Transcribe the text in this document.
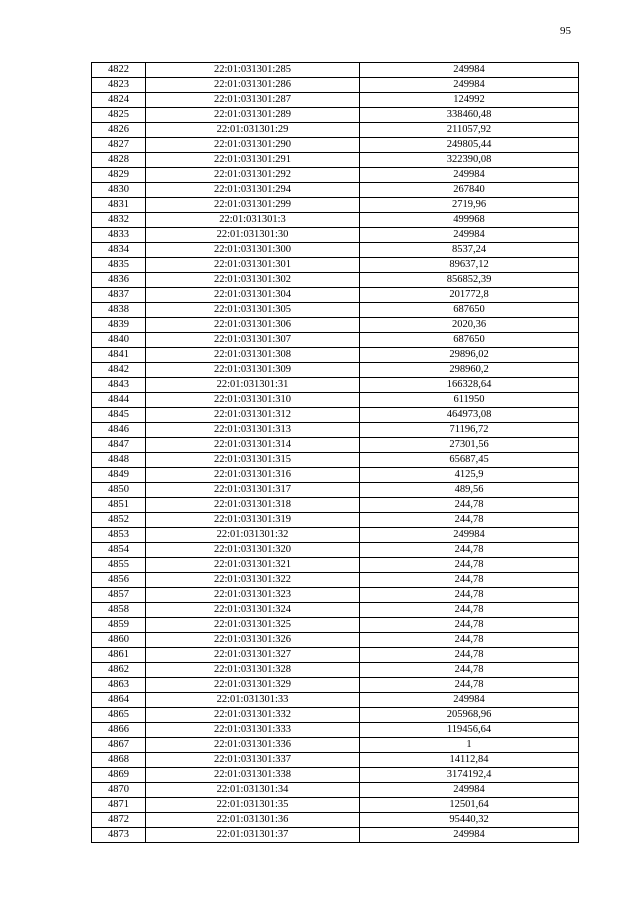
95
4822	22:01:031301:285	249984
4823	22:01:031301:286	249984
4824	22:01:031301:287	124992
4825	22:01:031301:289	338460,48
4826	22:01:031301:29	211057,92
4827	22:01:031301:290	249805,44
4828	22:01:031301:291	322390,08
4829	22:01:031301:292	249984
4830	22:01:031301:294	267840
4831	22:01:031301:299	2719,96
4832	22:01:031301:3	499968
4833	22:01:031301:30	249984
4834	22:01:031301:300	8537,24
4835	22:01:031301:301	89637,12
4836	22:01:031301:302	856852,39
4837	22:01:031301:304	201772,8
4838	22:01:031301:305	687650
4839	22:01:031301:306	2020,36
4840	22:01:031301:307	687650
4841	22:01:031301:308	29896,02
4842	22:01:031301:309	298960,2
4843	22:01:031301:31	166328,64
4844	22:01:031301:310	611950
4845	22:01:031301:312	464973,08
4846	22:01:031301:313	71196,72
4847	22:01:031301:314	27301,56
4848	22:01:031301:315	65687,45
4849	22:01:031301:316	4125,9
4850	22:01:031301:317	489,56
4851	22:01:031301:318	244,78
4852	22:01:031301:319	244,78
4853	22:01:031301:32	249984
4854	22:01:031301:320	244,78
4855	22:01:031301:321	244,78
4856	22:01:031301:322	244,78
4857	22:01:031301:323	244,78
4858	22:01:031301:324	244,78
4859	22:01:031301:325	244,78
4860	22:01:031301:326	244,78
4861	22:01:031301:327	244,78
4862	22:01:031301:328	244,78
4863	22:01:031301:329	244,78
4864	22:01:031301:33	249984
4865	22:01:031301:332	205968,96
4866	22:01:031301:333	119456,64
4867	22:01:031301:336	1
4868	22:01:031301:337	14112,84
4869	22:01:031301:338	3174192,4
4870	22:01:031301:34	249984
4871	22:01:031301:35	12501,64
4872	22:01:031301:36	95440,32
4873	22:01:031301:37	249984
